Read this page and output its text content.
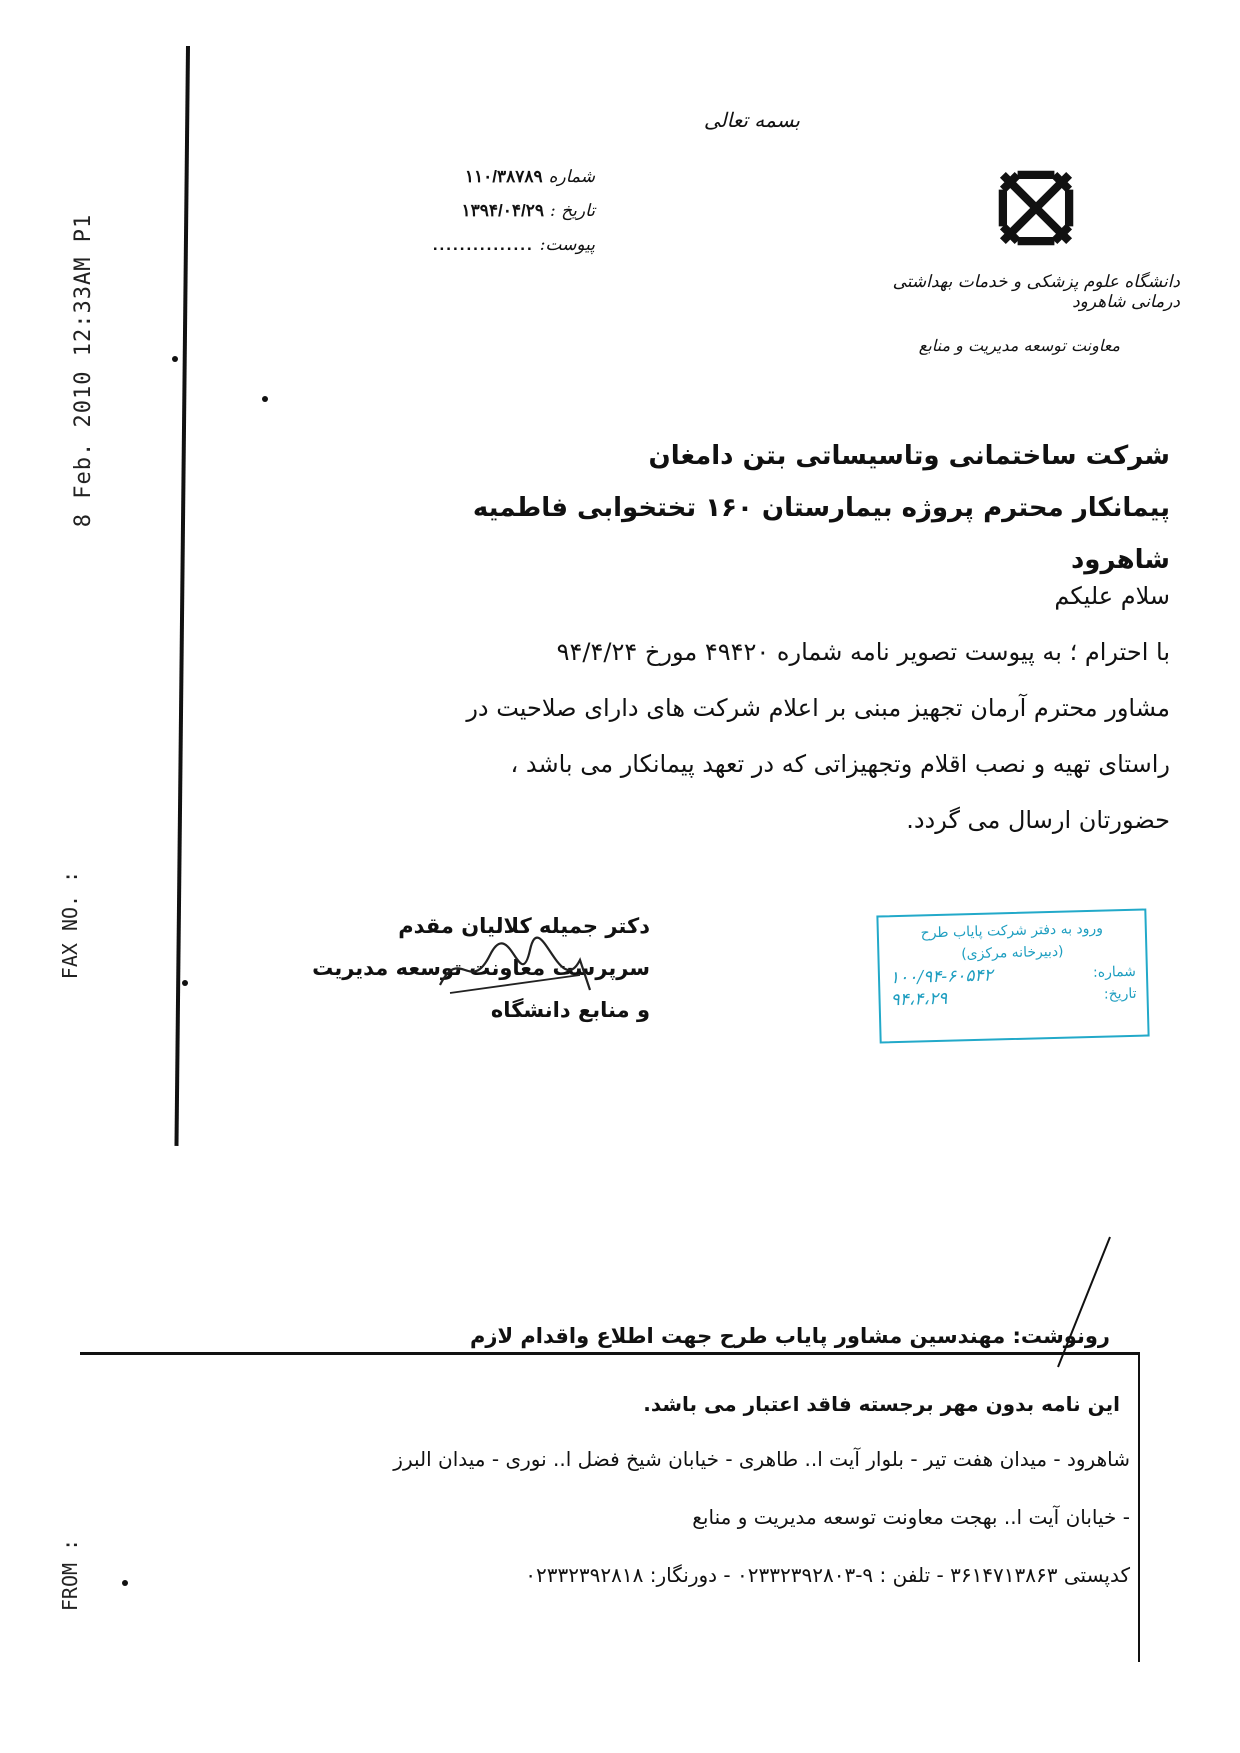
8 Feb. 2010 12:33AM P1
FAX NO. :
FROM :
بسمه تعالی
شماره
۱۱۰/۳۸۷۸۹
تاریخ :
۱۳۹۴/۰۴/۲۹
پیوست:
...............
دانشگاه علوم پزشکی و خدمات بهداشتی درمانی شاهرود
معاونت توسعه مدیریت و منابع
شرکت ساختمانی وتاسیساتی بتن دامغان
پیمانکار محترم پروژه بیمارستان ۱۶۰ تختخوابی فاطمیه شاهرود

سلام علیکم

با احترام ؛ به پیوست تصویر نامه شماره ۴۹۴۲۰ مورخ ۹۴/۴/۲۴

مشاور محترم آرمان تجهیز مبنی بر اعلام شرکت های دارای صلاحیت در

راستای تهیه و نصب اقلام وتجهیزاتی که در تعهد پیمانکار می باشد ،

حضورتان ارسال می گردد.

دکتر جمیله کلالیان مقدم
سرپرست معاونت توسعه مدیریت
و منابع دانشگاه
ورود به دفتر شرکت پایاب طرح
(دبیرخانه مرکزی)
شماره:
۱۰۰/۹۴-۶۰۵۴۲
تاریخ:
۹۴،۴،۲۹
رونوشت: مهندسین مشاور پایاب طرح جهت اطلاع واقدام لازم
این نامه بدون مهر برجسته فاقد اعتبار می باشد.

شاهرود - میدان هفت تیر - بلوار آیت ا.. طاهری - خیابان شیخ فضل ا.. نوری - میدان البرز

- خیابان آیت ا.. بهجت معاونت توسعه مدیریت و منابع

کدپستی ۳۶۱۴۷۱۳۸۶۳ - تلفن : ۹-۰۲۳۳۲۳۹۲۸۰۳ - دورنگار: ۰۲۳۳۲۳۹۲۸۱۸
